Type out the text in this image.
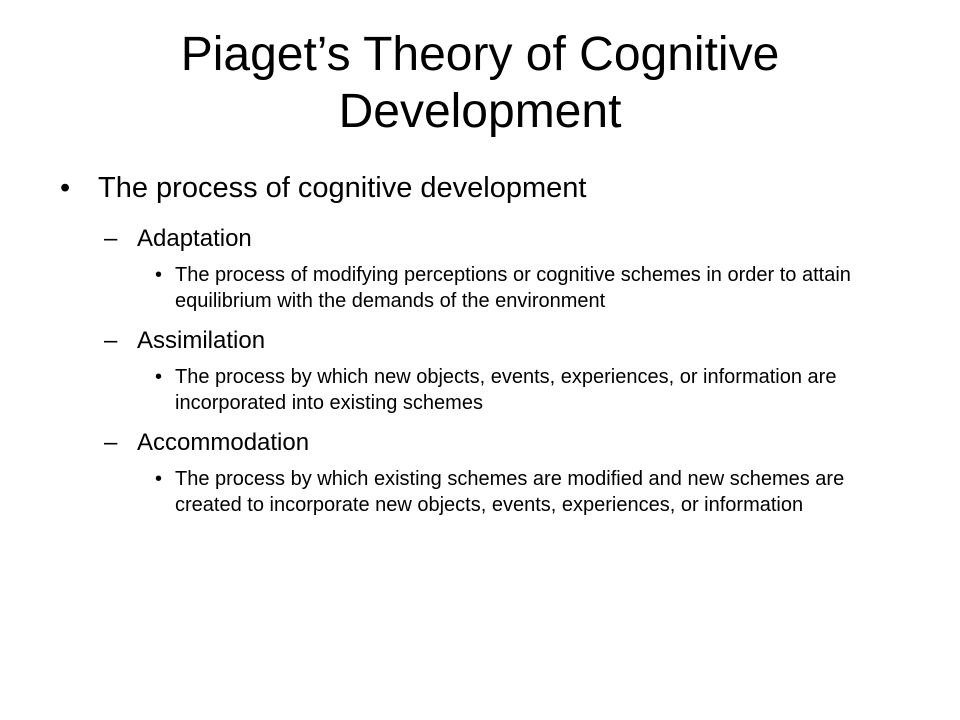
Piaget’s Theory of Cognitive Development
• The process of cognitive development
– Adaptation
• The process of modifying perceptions or cognitive schemes in order to attain equilibrium with the demands of the environment
– Assimilation
• The process by which new objects, events, experiences, or information are incorporated into existing schemes
– Accommodation
• The process by which existing schemes are modified and new schemes are created to incorporate new objects, events, experiences, or information
